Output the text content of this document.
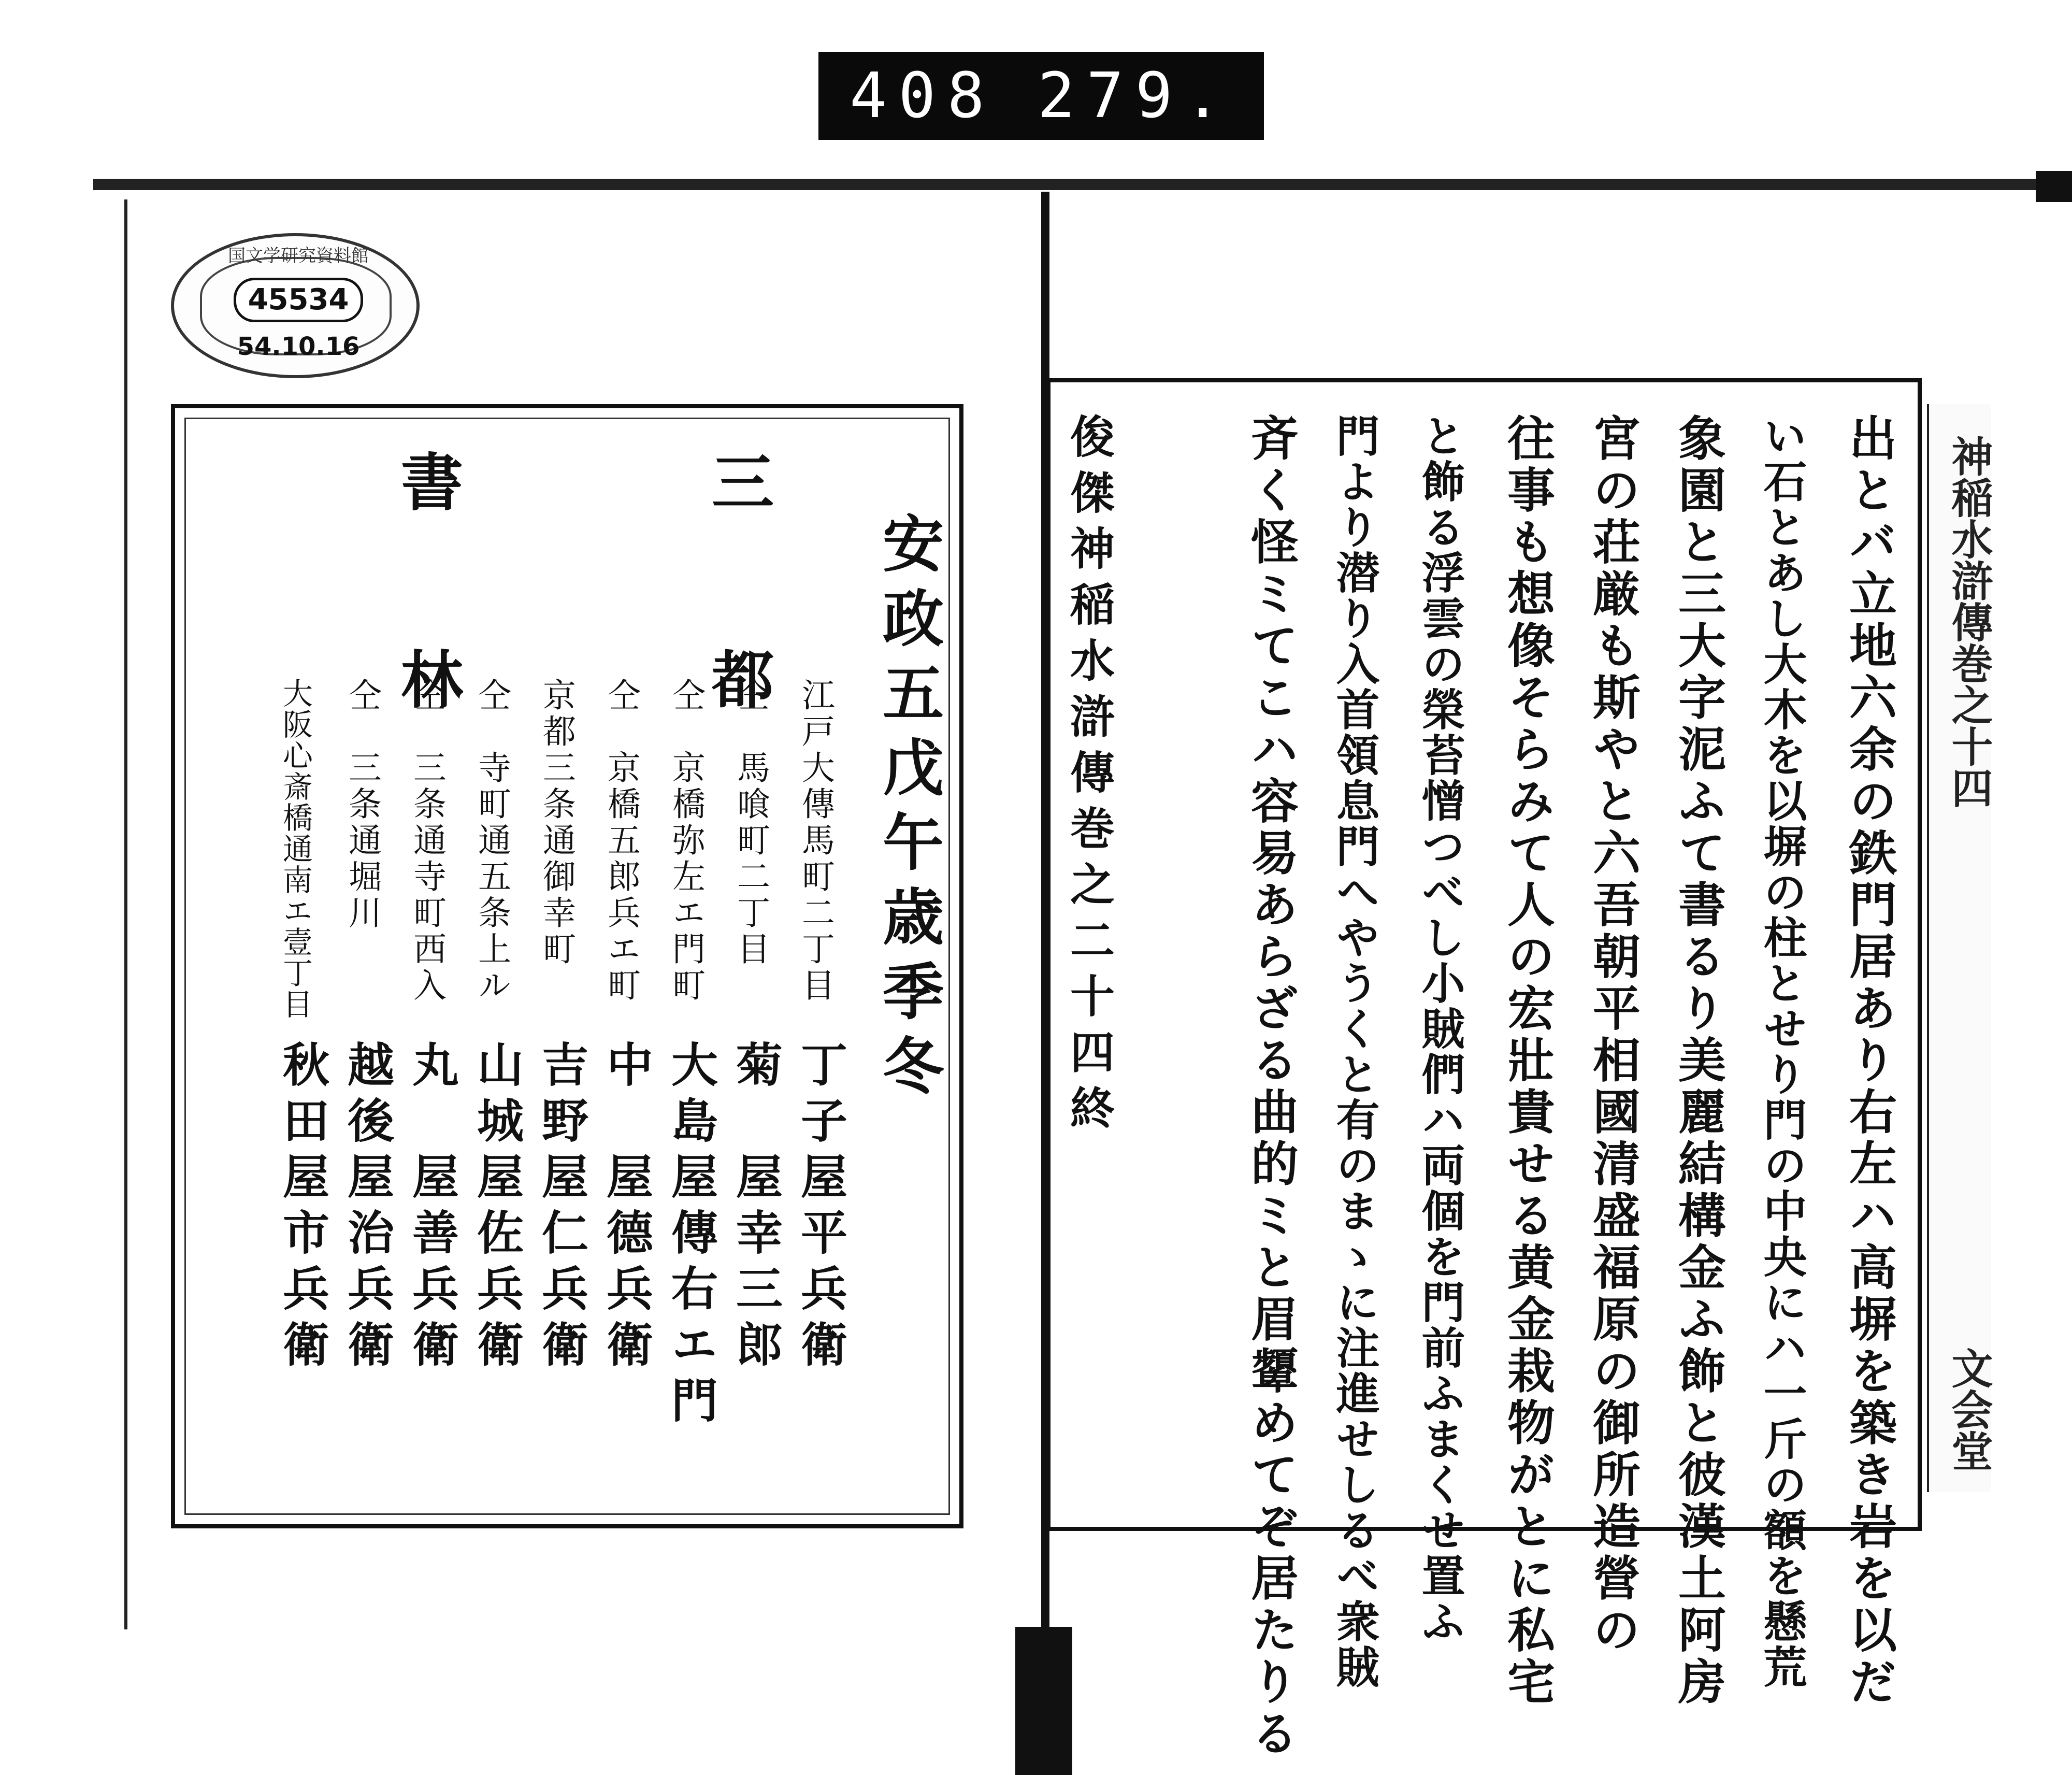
408 279.
国文学研究資料館
45534
54.10.16
安政五戊午歳季冬
三 都
書 林
江戸大傳馬町二丁目
仝　馬喰町二丁目
仝　京橋弥左エ門町
仝　京橋五郎兵エ町
京都三条通御幸町
仝　寺町通五条上ル
仝　三条通寺町西入
仝　三条通堀川
大阪心斎橋通南エ壹丁目
丁子屋平兵衛
菊　屋幸三郎
大島屋傳右エ門
中　屋德兵衛
吉野屋仁兵衛
山城屋佐兵衛
丸　屋善兵衛
越後屋治兵衛
秋田屋市兵衛	出とバ立地六余の鉄門居あり右左ハ高塀を築き岩を以だ
い石とあし大木を以塀の柱とせり門の中央にハ一斤の額を懸荒
象園と三大字泥ふて書るり美麗結構金ふ飾と彼漢土阿房
宮の荘厳も斯やと六吾朝平相國清盛福原の御所造營の
往事も想像そらみて人の宏壯貴せる黄金栽物がとに私宅
と飾る浮雲の榮苔憎つべし小賊們ハ両個を門前ふまくせ置ふ
門より潜り入首領息門へやうくと有のまゝに注進せしるべ衆賊
斉く怪ミてこハ容易あらざる曲的ミと眉顰めてぞ居たりる
俊傑神稲水滸傳巻之二十四終	神稲水滸傳巻之十四
文会堂
